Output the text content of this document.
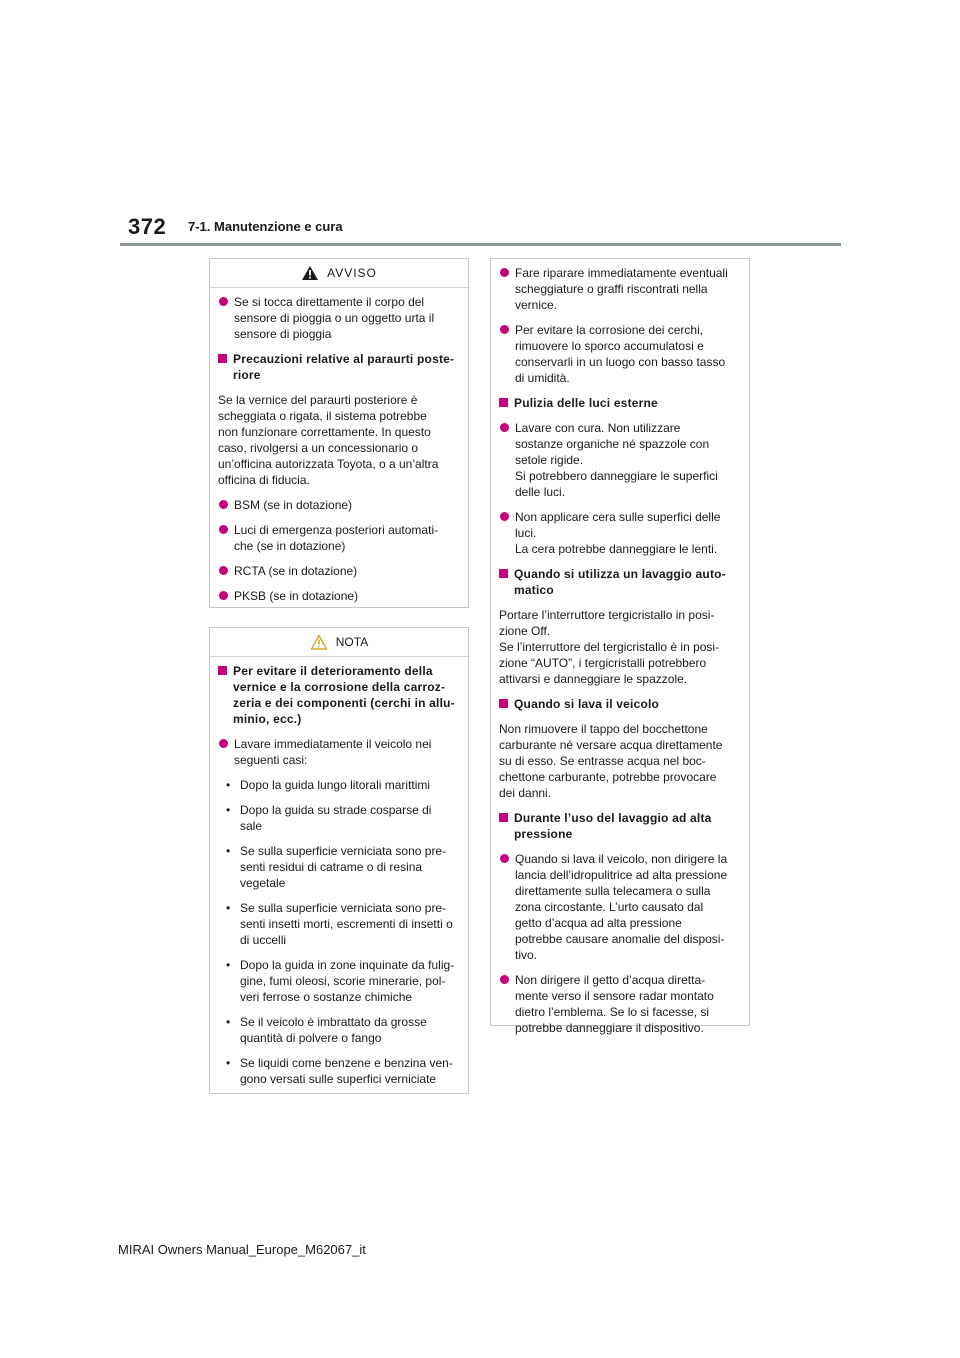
372 7-1. Manutenzione e cura
AVVISO
Se si tocca direttamente il corpo del
sensore di pioggia o un oggetto urta il
sensore di pioggia
Precauzioni relative al paraurti poste-
riore
Se la vernice del paraurti posteriore è
scheggiata o rigata, il sistema potrebbe
non funzionare correttamente. In questo
caso, rivolgersi a un concessionario o
un’officina autorizzata Toyota, o a un’altra
officina di fiducia.
BSM (se in dotazione)
Luci di emergenza posteriori automati-
che (se in dotazione)
RCTA (se in dotazione)
PKSB (se in dotazione)
NOTA
Per evitare il deterioramento della
vernice e la corrosione della carroz-
zeria e dei componenti (cerchi in allu-
minio, ecc.)
Lavare immediatamente il veicolo nei
seguenti casi:
• Dopo la guida lungo litorali marittimi
• Dopo la guida su strade cosparse di
sale
• Se sulla superficie verniciata sono pre-
senti residui di catrame o di resina
vegetale
• Se sulla superficie verniciata sono pre-
senti insetti morti, escrementi di insetti o
di uccelli
• Dopo la guida in zone inquinate da fulig-
gine, fumi oleosi, scorie minerarie, pol-
veri ferrose o sostanze chimiche
• Se il veicolo è imbrattato da grosse
quantità di polvere o fango
• Se liquidi come benzene e benzina ven-
gono versati sulle superfici verniciate
Fare riparare immediatamente eventuali
scheggiature o graffi riscontrati nella
vernice.
Per evitare la corrosione dei cerchi,
rimuovere lo sporco accumulatosi e
conservarli in un luogo con basso tasso
di umidità.
Pulizia delle luci esterne
Lavare con cura. Non utilizzare
sostanze organiche né spazzole con
setole rigide.
Si potrebbero danneggiare le superfici
delle luci.
Non applicare cera sulle superfici delle
luci.
La cera potrebbe danneggiare le lenti.
Quando si utilizza un lavaggio auto-
matico
Portare l’interruttore tergicristallo in posi-
zione Off.
Se l’interruttore del tergicristallo è in posi-
zione “AUTO”, i tergicristalli potrebbero
attivarsi e danneggiare le spazzole.
Quando si lava il veicolo
Non rimuovere il tappo del bocchettone
carburante né versare acqua direttamente
su di esso. Se entrasse acqua nel boc-
chettone carburante, potrebbe provocare
dei danni.
Durante l’uso del lavaggio ad alta
pressione
Quando si lava il veicolo, non dirigere la
lancia dell’idropulitrice ad alta pressione
direttamente sulla telecamera o sulla
zona circostante. L’urto causato dal
getto d’acqua ad alta pressione
potrebbe causare anomalie del disposi-
tivo.
Non dirigere il getto d’acqua diretta-
mente verso il sensore radar montato
dietro l’emblema. Se lo si facesse, si
potrebbe danneggiare il dispositivo.
MIRAI Owners Manual_Europe_M62067_it
